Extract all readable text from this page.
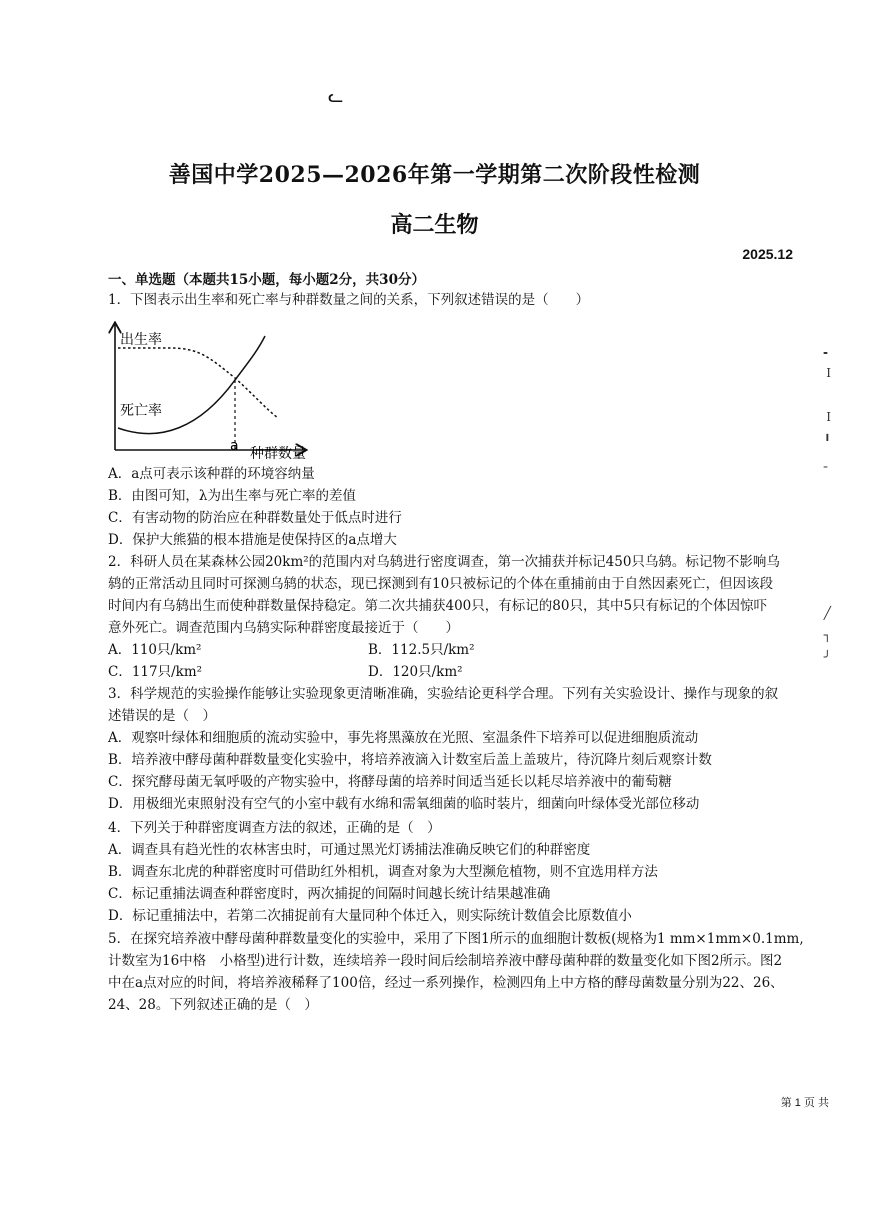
ᓚ
善国中学2025—2026年第一学期第二次阶段性检测
高二生物
2025.12
一、单选题（本题共15小题，每小题2分，共30分）
1．下图表示出生率和死亡率与种群数量之间的关系，下列叙述错误的是（　　）
出生率
死亡率
a 种群数量
A．a点可表示该种群的环境容纳量
B．由图可知，λ为出生率与死亡率的差值
C．有害动物的防治应在种群数量处于低点时进行
D．保护大熊猫的根本措施是使保持区的a点增大
2．科研人员在某森林公园20km²的范围内对乌鸫进行密度调查，第一次捕获并标记450只乌鸫。标记物不影响乌
鸫的正常活动且同时可探测乌鸫的状态，现已探测到有10只被标记的个体在重捕前由于自然因素死亡，但因该段
时间内有乌鸫出生而使种群数量保持稳定。第二次共捕获400只，有标记的80只，其中5只有标记的个体因惊吓
意外死亡。调查范围内乌鸫实际种群密度最接近于（　　）
A．110只/km²	B．112.5只/km²
C．117只/km²	D．120只/km²
3．科学规范的实验操作能够让实验现象更清晰准确，实验结论更科学合理。下列有关实验设计、操作与现象的叙
述错误的是（　）
A．观察叶绿体和细胞质的流动实验中，事先将黑藻放在光照、室温条件下培养可以促进细胞质流动
B．培养液中酵母菌种群数量变化实验中，将培养液滴入计数室后盖上盖玻片，待沉降片刻后观察计数
C．探究酵母菌无氧呼吸的产物实验中，将酵母菌的培养时间适当延长以耗尽培养液中的葡萄糖
D．用极细光束照射没有空气的小室中载有水绵和需氧细菌的临时装片，细菌向叶绿体受光部位移动
4．下列关于种群密度调查方法的叙述，正确的是（　）
A．调查具有趋光性的农林害虫时，可通过黑光灯诱捕法准确反映它们的种群密度
B．调查东北虎的种群密度时可借助红外相机，调查对象为大型濒危植物，则不宜选用样方法
C．标记重捕法调查种群密度时，两次捕捉的间隔时间越长统计结果越准确
D．标记重捕法中，若第二次捕捉前有大量同种个体迁入，则实际统计数值会比原数值小
5．在探究培养液中酵母菌种群数量变化的实验中，采用了下图1所示的血细胞计数板(规格为1 mm×1mm×0.1mm,
计数室为16中格　小格型)进行计数，连续培养一段时间后绘制培养液中酵母菌种群的数量变化如下图2所示。图2
中在a点对应的时间，将培养液稀释了100倍，经过一系列操作，检测四角上中方格的酵母菌数量分别为22、26、
24、28。下列叙述正确的是（　）
╸
Ⅰ
Ⅰ
╹
╴
╱
┐
╯
第 1 页 共
